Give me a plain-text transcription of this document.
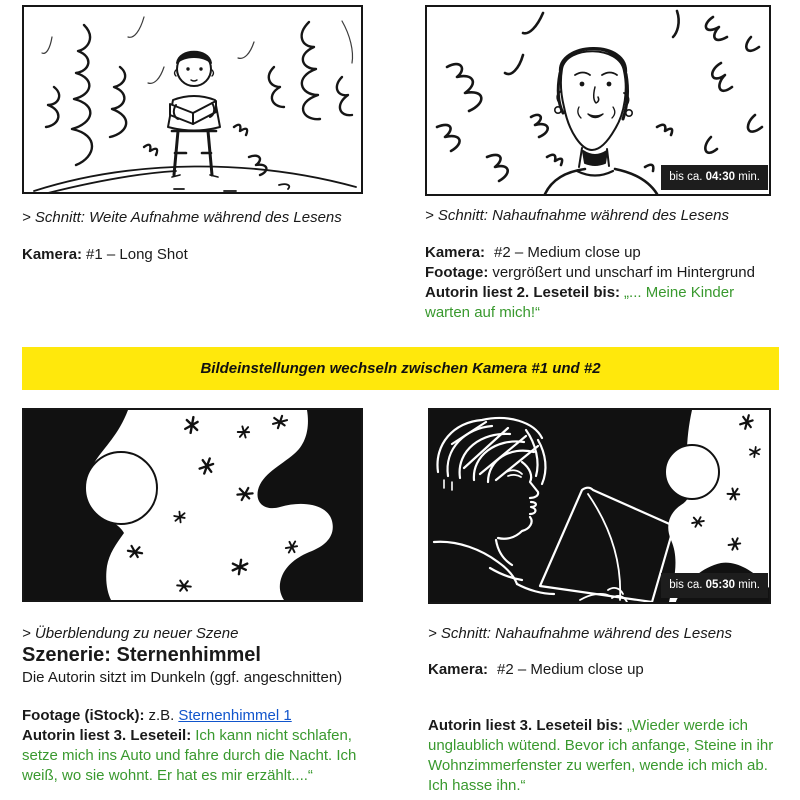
bis ca. 04:30 min.
> Schnitt: Weite Aufnahme während des Lesens
Kamera: #1 – Long Shot
> Schnitt: Nahaufnahme während des Lesens
Kamera: #2 – Medium close up
Footage: vergrößert und unscharf im Hintergrund
Autorin liest 2. Leseteil bis: „... Meine Kinder warten auf mich!“
Bildeinstellungen wechseln zwischen Kamera #1 und #2
bis ca. 05:30 min.
> Überblendung zu neuer Szene
Szenerie: Sternenhimmel
Die Autorin sitzt im Dunkeln (ggf. angeschnitten)
Footage (iStock): z.B. Sternenhimmel 1
Autorin liest 3. Leseteil: Ich kann nicht schlafen, setze mich ins Auto und fahre durch die Nacht. Ich weiß, wo sie wohnt. Er hat es mir erzählt....“
> Schnitt: Nahaufnahme während des Lesens
Kamera: #2 – Medium close up
Autorin liest 3. Leseteil bis: „Wieder werde ich unglaublich wütend. Bevor ich anfange, Steine in ihr Wohnzimmerfenster zu werfen, wende ich mich ab. Ich hasse ihn.“
